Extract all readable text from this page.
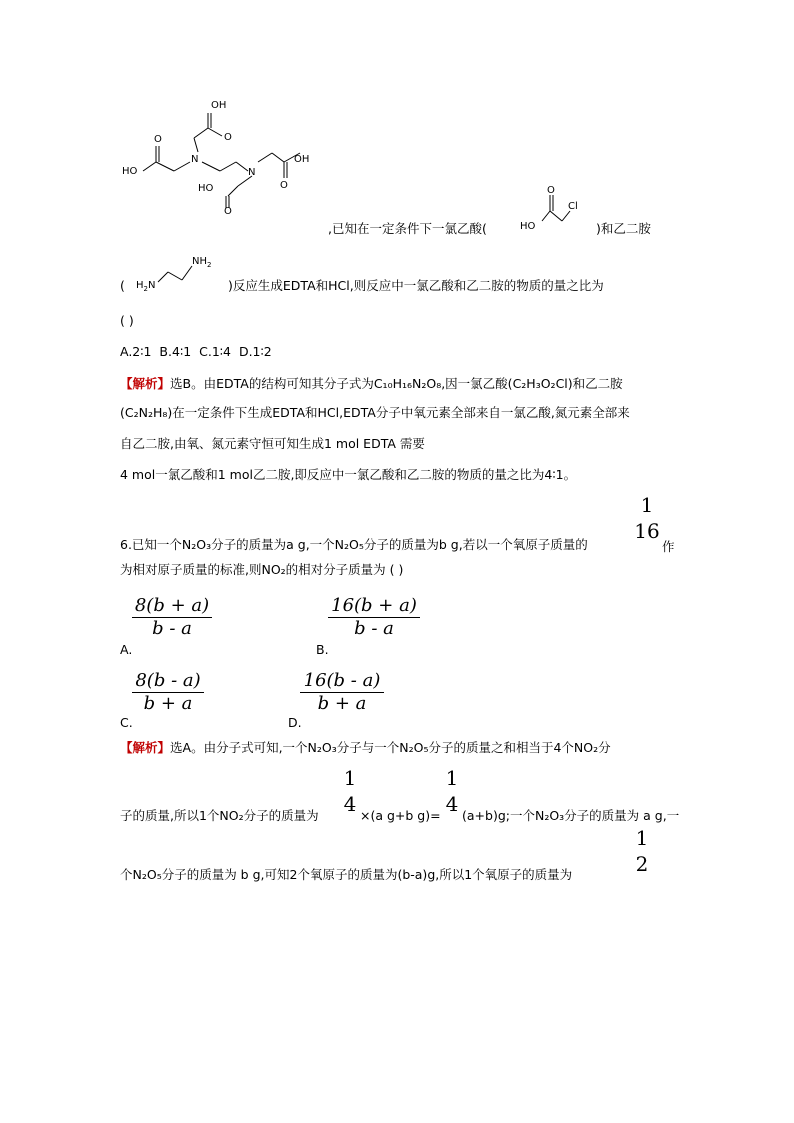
OH
O
HO
O
N
N
OH
O
HO
O
,已知在一定条件下一氯乙酸(
O
HO
Cl
)和乙二胺
(
$NH_2$
$H_2N$	)反应生成EDTA和HCl,则反应中一氯乙酸和乙二胺的物质的量之比为
( )
A.2∶1 B.4∶1 C.1∶4 D.1∶2
【解析】选B。由EDTA的结构可知其分子式为C₁₀H₁₆N₂O₈,因一氯乙酸(C₂H₃O₂Cl)和乙二胺
(C₂N₂H₈)在一定条件下生成EDTA和HCl,EDTA分子中氧元素全部来自一氯乙酸,氮元素全部来
自乙二胺,由氧、氮元素守恒可知生成1 mol EDTA 需要
4 mol一氯乙酸和1 mol乙二胺,即反应中一氯乙酸和乙二胺的物质的量之比为4∶1。
6.已知一个N₂O₃分子的质量为a g,一个N₂O₅分子的质量为b g,若以一个氧原子质量的
1
16
作
为相对原子质量的标准,则NO₂的相对分子质量为 ( )
A.
8(b + a)
b - a
B.
16(b + a)
b - a
C.
8(b - a)
b + a
D.
16(b - a)
b + a
【解析】选A。由分子式可知,一个N₂O₃分子与一个N₂O₅分子的质量之和相当于4个NO₂分
子的质量,所以1个NO₂分子的质量为
1
4 ×(a g+b g)=
1
4 (a+b)g;一个N₂O₃分子的质量为 a g,一
个N₂O₅分子的质量为 b g,可知2个氧原子的质量为(b-a)g,所以1个氧原子的质量为
1
2
